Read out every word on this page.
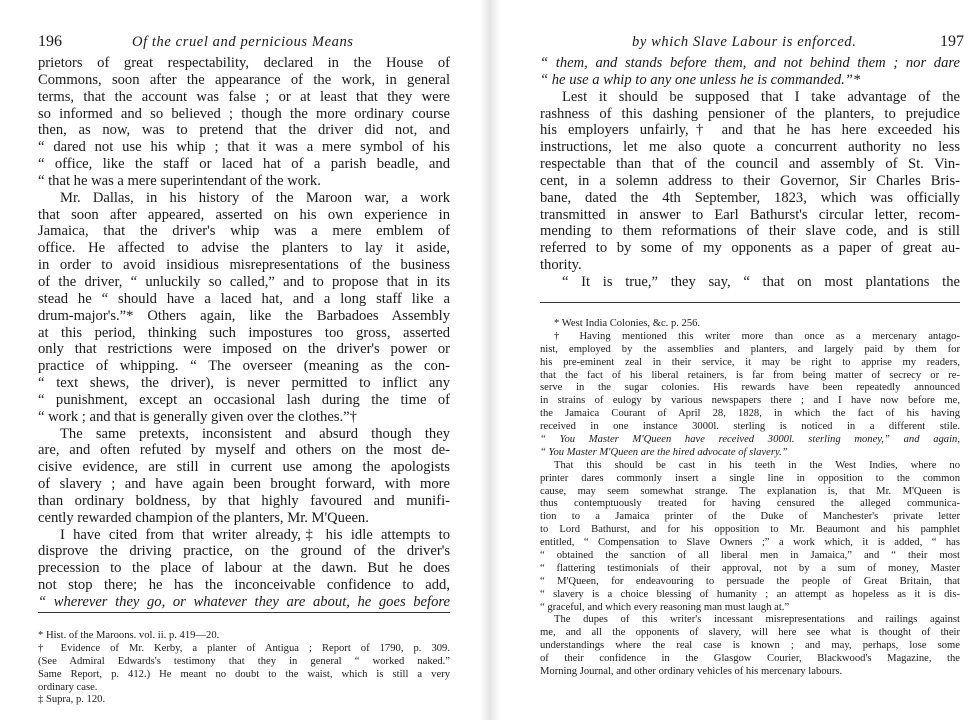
196	Of the cruel and pernicious Means
prietors of great respectability, declared in the House of
Commons, soon after the appearance of the work, in general
terms, that the account was false ; or at least that they were
so informed and so believed ; though the more ordinary course
then, as now, was to pretend that the driver did not, and
“ dared not use his whip ; that it was a mere symbol of his
“ office, like the staff or laced hat of a parish beadle, and
“ that he was a mere superintendant of the work.
Mr. Dallas, in his history of the Maroon war, a work
that soon after appeared, asserted on his own experience in
Jamaica, that the driver's whip was a mere emblem of
office. He affected to advise the planters to lay it aside,
in order to avoid insidious misrepresentations of the business
of the driver, “ unluckily so called,” and to propose that in its
stead he “ should have a laced hat, and a long staff like a
drum-major's.”* Others again, like the Barbadoes Assembly
at this period, thinking such impostures too gross, asserted
only that restrictions were imposed on the driver's power or
practice of whipping. “ The overseer (meaning as the con-
“ text shews, the driver), is never permitted to inflict any
“ punishment, except an occasional lash during the time of
“ work ; and that is generally given over the clothes.”†
The same pretexts, inconsistent and absurd though they
are, and often refuted by myself and others on the most de-
cisive evidence, are still in current use among the apologists
of slavery ; and have again been brought forward, with more
than ordinary boldness, by that highly favoured and munifi-
cently rewarded champion of the planters, Mr. M'Queen.
I have cited from that writer already,‡ his idle attempts to
disprove the driving practice, on the ground of the driver's
precession to the place of labour at the dawn. But he does
not stop there; he has the inconceivable confidence to add,
“ wherever they go, or whatever they are about, he goes before
* Hist. of the Maroons. vol. ii. p. 419—20.
† Evidence of Mr. Kerby, a planter of Antigua ; Report of 1790, p. 309.
(See Admiral Edwards's testimony that they in general “ worked naked.”
Same Report, p. 412.) He meant no doubt to the waist, which is still a very
ordinary case.
‡ Supra, p. 120.
by which Slave Labour is enforced.	197
“ them, and stands before them, and not behind them ; nor dare
“ he use a whip to any one unless he is commanded.”*
Lest it should be supposed that I take advantage of the
rashness of this dashing pensioner of the planters, to prejudice
his employers unfairly,† and that he has here exceeded his
instructions, let me also quote a concurrent authority no less
respectable than that of the council and assembly of St. Vin-
cent, in a solemn address to their Governor, Sir Charles Bris-
bane, dated the 4th September, 1823, which was officially
transmitted in answer to Earl Bathurst's circular letter, recom-
mending to them reformations of their slave code, and is still
referred to by some of my opponents as a paper of great au-
thority.
“ It is true,” they say, “ that on most plantations the
* West India Colonies, &c. p. 256.
† Having mentioned this writer more than once as a mercenary antago-
nist, employed by the assemblies and planters, and largely paid by them for
his pre-eminent zeal in their service, it may be right to apprise my readers,
that the fact of his liberal retainers, is far from being matter of secrecy or re-
serve in the sugar colonies. His rewards have been repeatedly announced
in strains of eulogy by various newspapers there ; and I have now before me,
the Jamaica Courant of April 28, 1828, in which the fact of his having
received in one instance 3000l. sterling is noticed in a different stile.
“ You Master M'Queen have received 3000l. sterling money,” and again,
“ You Master M'Queen are the hired advocate of slavery.”
That this should be cast in his teeth in the West Indies, where no
printer dares commonly insert a single line in opposition to the common
cause, may seem somewhat strange. The explanation is, that Mr. M'Queen is
thus contemptuously treated for having censured the alleged communica-
tion to a Jamaica printer of the Duke of Manchester's private letter
to Lord Bathurst, and for his opposition to Mr. Beaumont and his pamphlet
entitled, “ Compensation to Slave Owners ;” a work which, it is added, “ has
“ obtained the sanction of all liberal men in Jamaica,” and “ their most
“ flattering testimonials of their approval, not by a sum of money, Master
“ M'Queen, for endeavouring to persuade the people of Great Britain, that
“ slavery is a choice blessing of humanity ; an attempt as hopeless as it is dis-
“ graceful, and which every reasoning man must laugh at.”
The dupes of this writer's incessant misrepresentations and railings against
me, and all the opponents of slavery, will here see what is thought of their
understandings where the real case is known ; and may, perhaps, lose some
of their confidence in the Glasgow Courier, Blackwood's Magazine, the
Morning Journal, and other ordinary vehicles of his mercenary labours.
